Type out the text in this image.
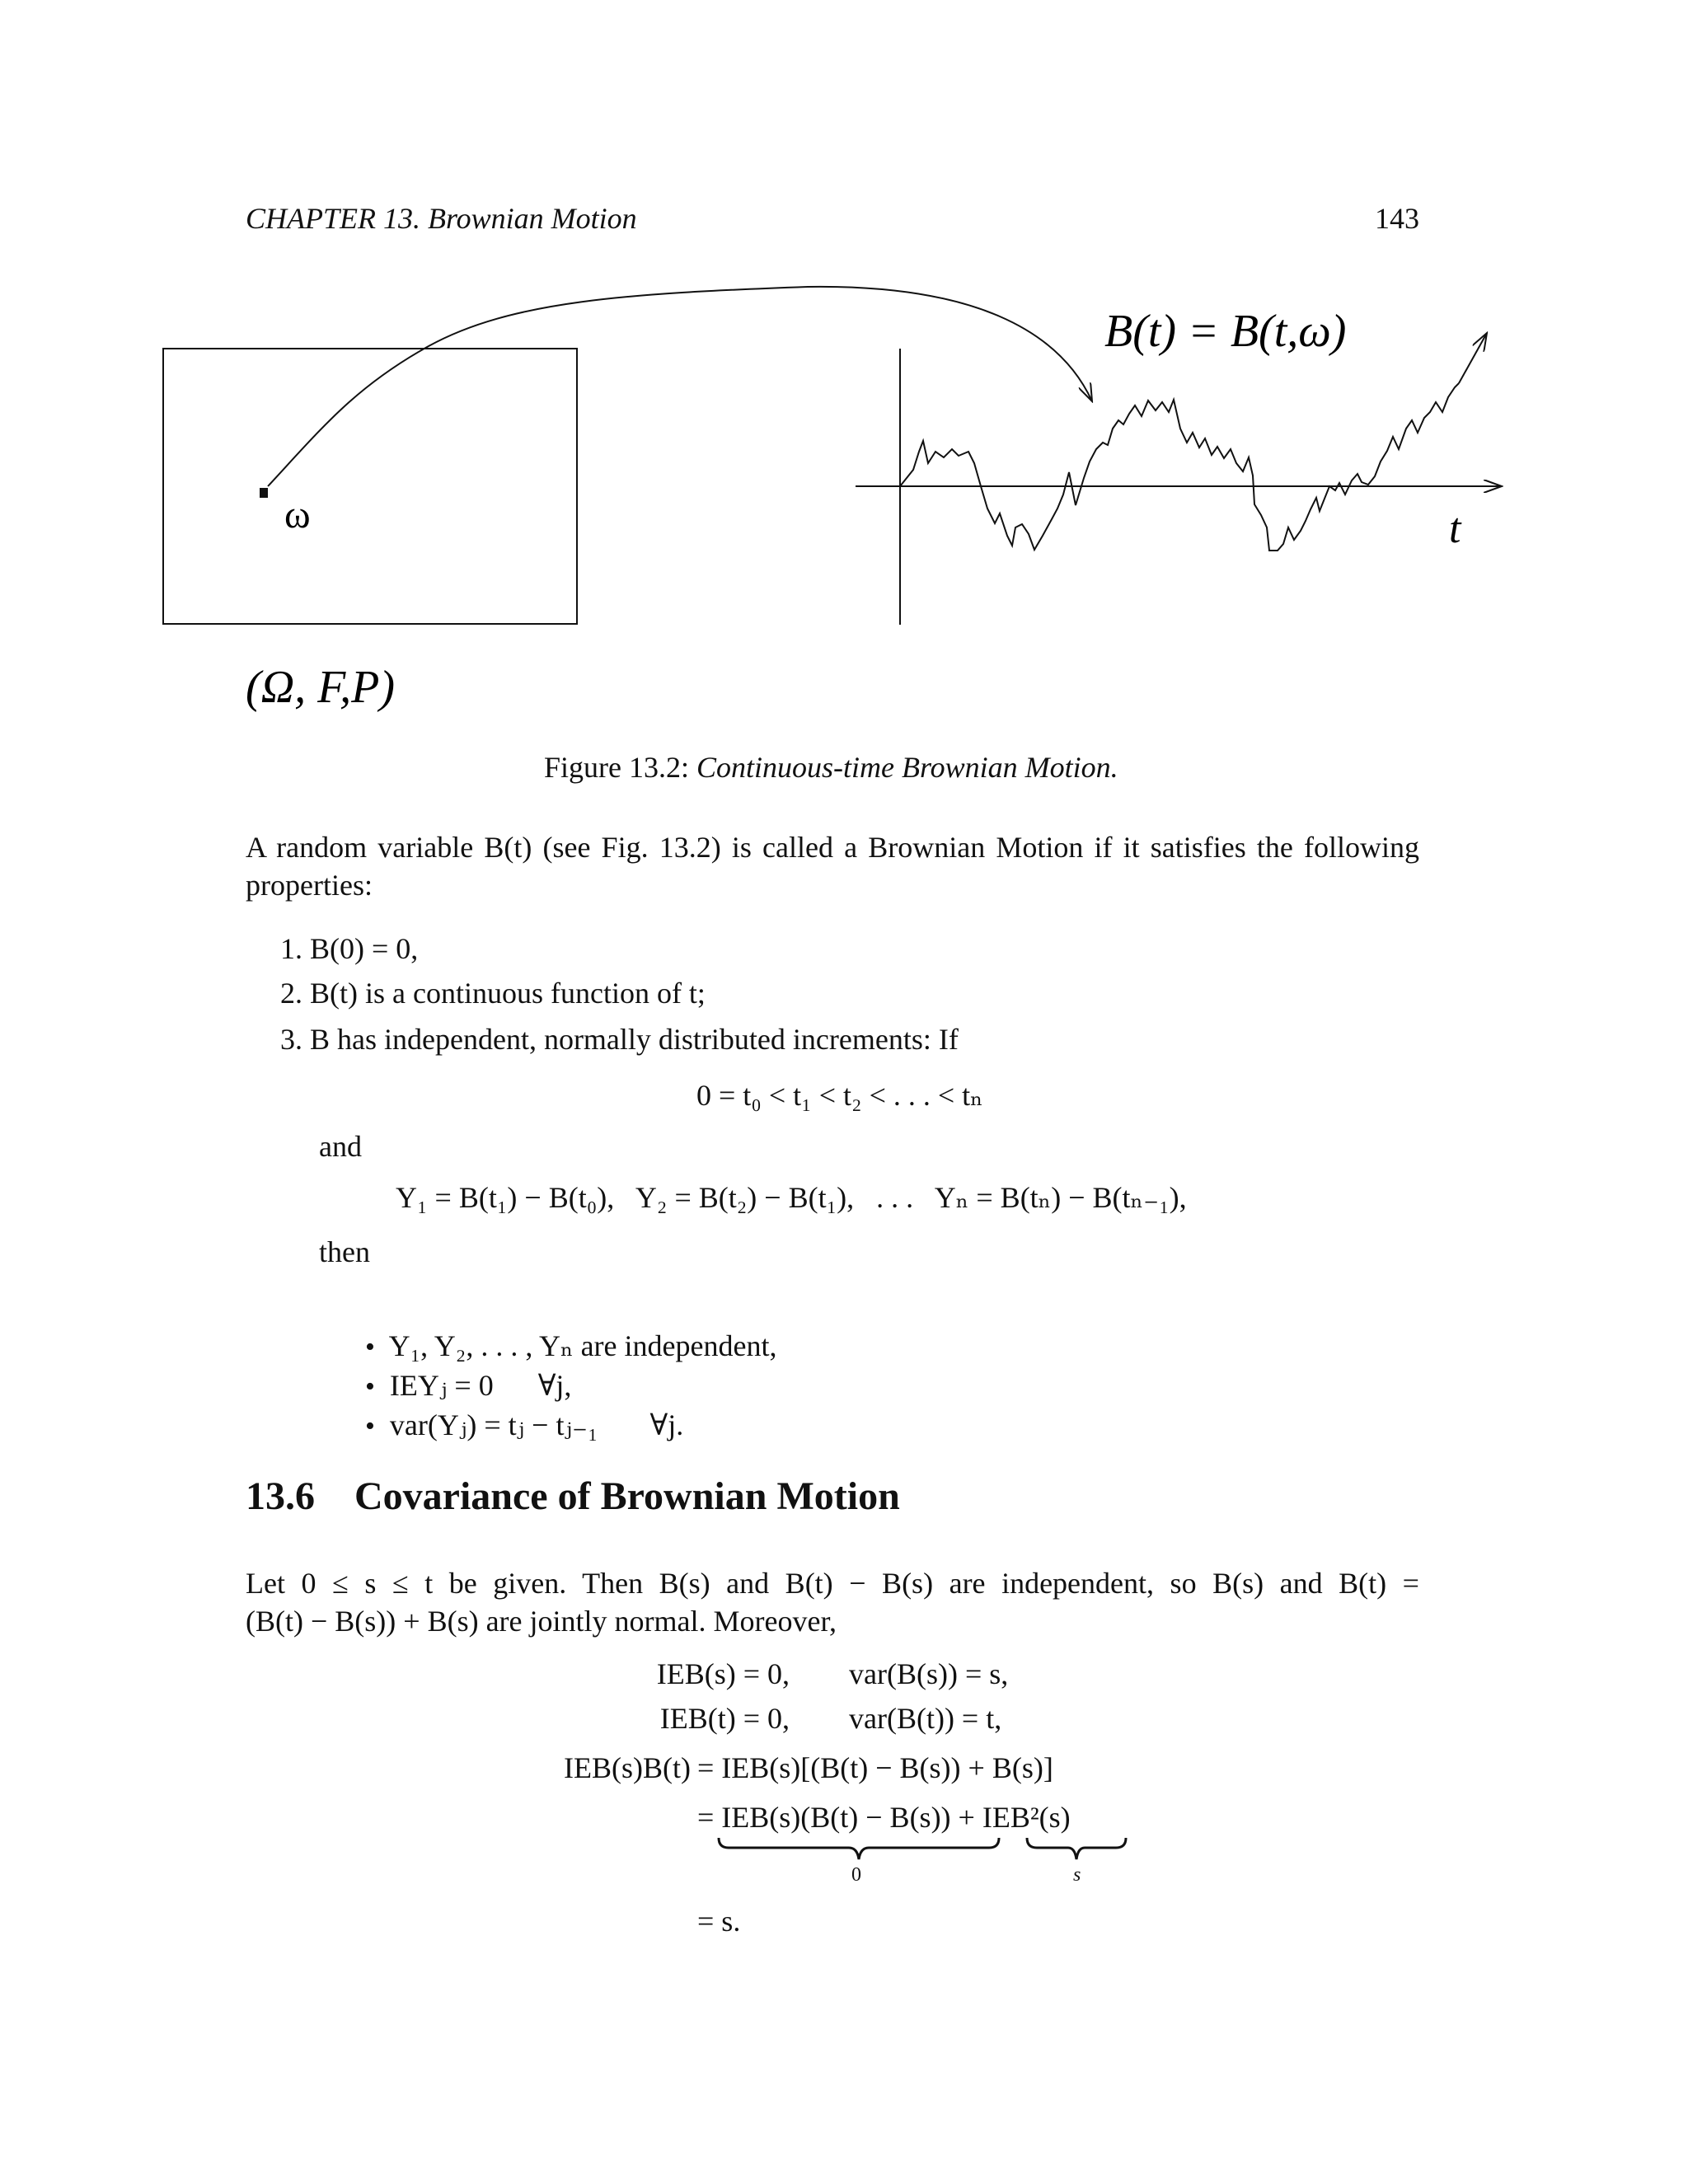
CHAPTER 13. Brownian Motion	143
ω
B(t) = B(t,ω)
t
(Ω, F,P)
Figure 13.2: Continuous-time Brownian Motion.
A random variable B(t) (see Fig. 13.2) is called a Brownian Motion if it satisfies the following properties:
1. B(0) = 0,
2. B(t) is a continuous function of t;
3. B has independent, normally distributed increments: If
0 = t₀ < t₁ < t₂ < . . . < tₙ
and
Y₁ = B(t₁) − B(t₀),   Y₂ = B(t₂) − B(t₁),   . . .   Yₙ = B(tₙ) − B(tₙ₋₁),
then

• Y₁, Y₂, . . . , Yₙ are independent,

• IEYⱼ = 0      ∀j,

• var(Yⱼ) = tⱼ − tⱼ₋₁       ∀j.

13.6 Covariance of Brownian Motion
Let 0 ≤ s ≤ t be given. Then B(s) and B(t) − B(s) are independent, so B(s) and B(t) =
(B(t) − B(s)) + B(s) are jointly normal. Moreover,
IEB(s) = 0, var(B(s)) = s,
IEB(t) = 0, var(B(t)) = t,
IEB(s)B(t) = IEB(s)[(B(t) − B(s)) + B(s)]
= IEB(s)(B(t) − B(s)) + IEB²(s)
0	s
= s.
